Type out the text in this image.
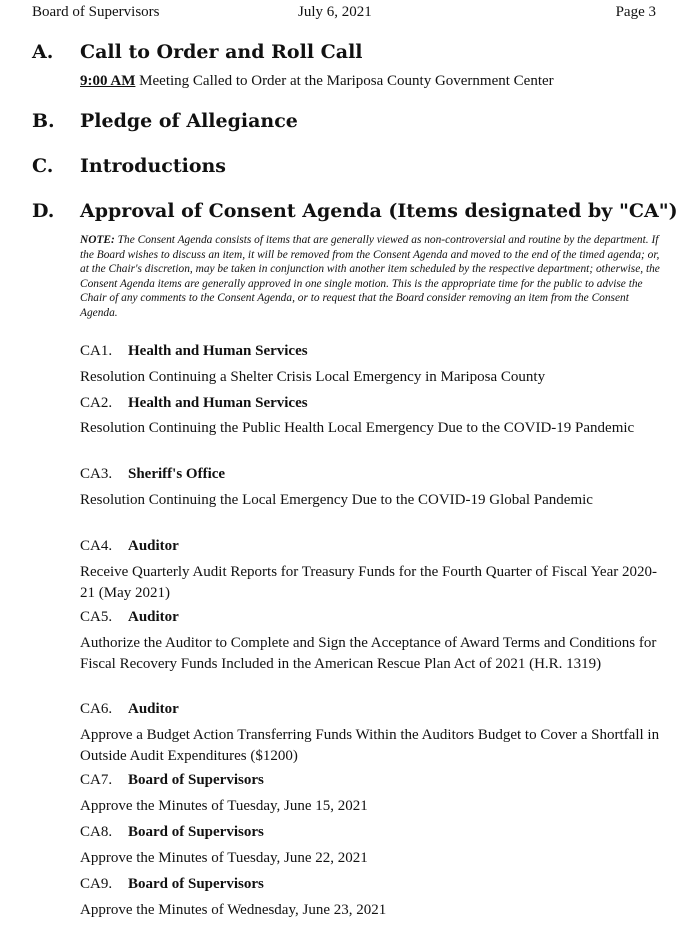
Board of Supervisors	July 6, 2021	Page 3
A. Call to Order and Roll Call
9:00 AM Meeting Called to Order at the Mariposa County Government Center
B. Pledge of Allegiance
C. Introductions
D. Approval of Consent Agenda (Items designated by "CA")
NOTE: The Consent Agenda consists of items that are generally viewed as non-controversial and routine by the department. If the Board wishes to discuss an item, it will be removed from the Consent Agenda and moved to the end of the timed agenda; or, at the Chair's discretion, may be taken in conjunction with another item scheduled by the respective department; otherwise, the Consent Agenda items are generally approved in one single motion. This is the appropriate time for the public to advise the Chair of any comments to the Consent Agenda, or to request that the Board consider removing an item from the Consent Agenda.
CA1. Health and Human Services
Resolution Continuing a Shelter Crisis Local Emergency in Mariposa County
CA2. Health and Human Services
Resolution Continuing the Public Health Local Emergency Due to the COVID-19 Pandemic
CA3. Sheriff's Office
Resolution Continuing the Local Emergency Due to the COVID-19 Global Pandemic
CA4. Auditor
Receive Quarterly Audit Reports for Treasury Funds for the Fourth Quarter of Fiscal Year 2020-21 (May 2021)
CA5. Auditor
Authorize the Auditor to Complete and Sign the Acceptance of Award Terms and Conditions for Fiscal Recovery Funds Included in the American Rescue Plan Act of 2021 (H.R. 1319)
CA6. Auditor
Approve a Budget Action Transferring Funds Within the Auditors Budget to Cover a Shortfall in Outside Audit Expenditures ($1200)
CA7. Board of Supervisors
Approve the Minutes of Tuesday, June 15, 2021
CA8. Board of Supervisors
Approve the Minutes of Tuesday, June 22, 2021
CA9. Board of Supervisors
Approve the Minutes of Wednesday, June 23, 2021
